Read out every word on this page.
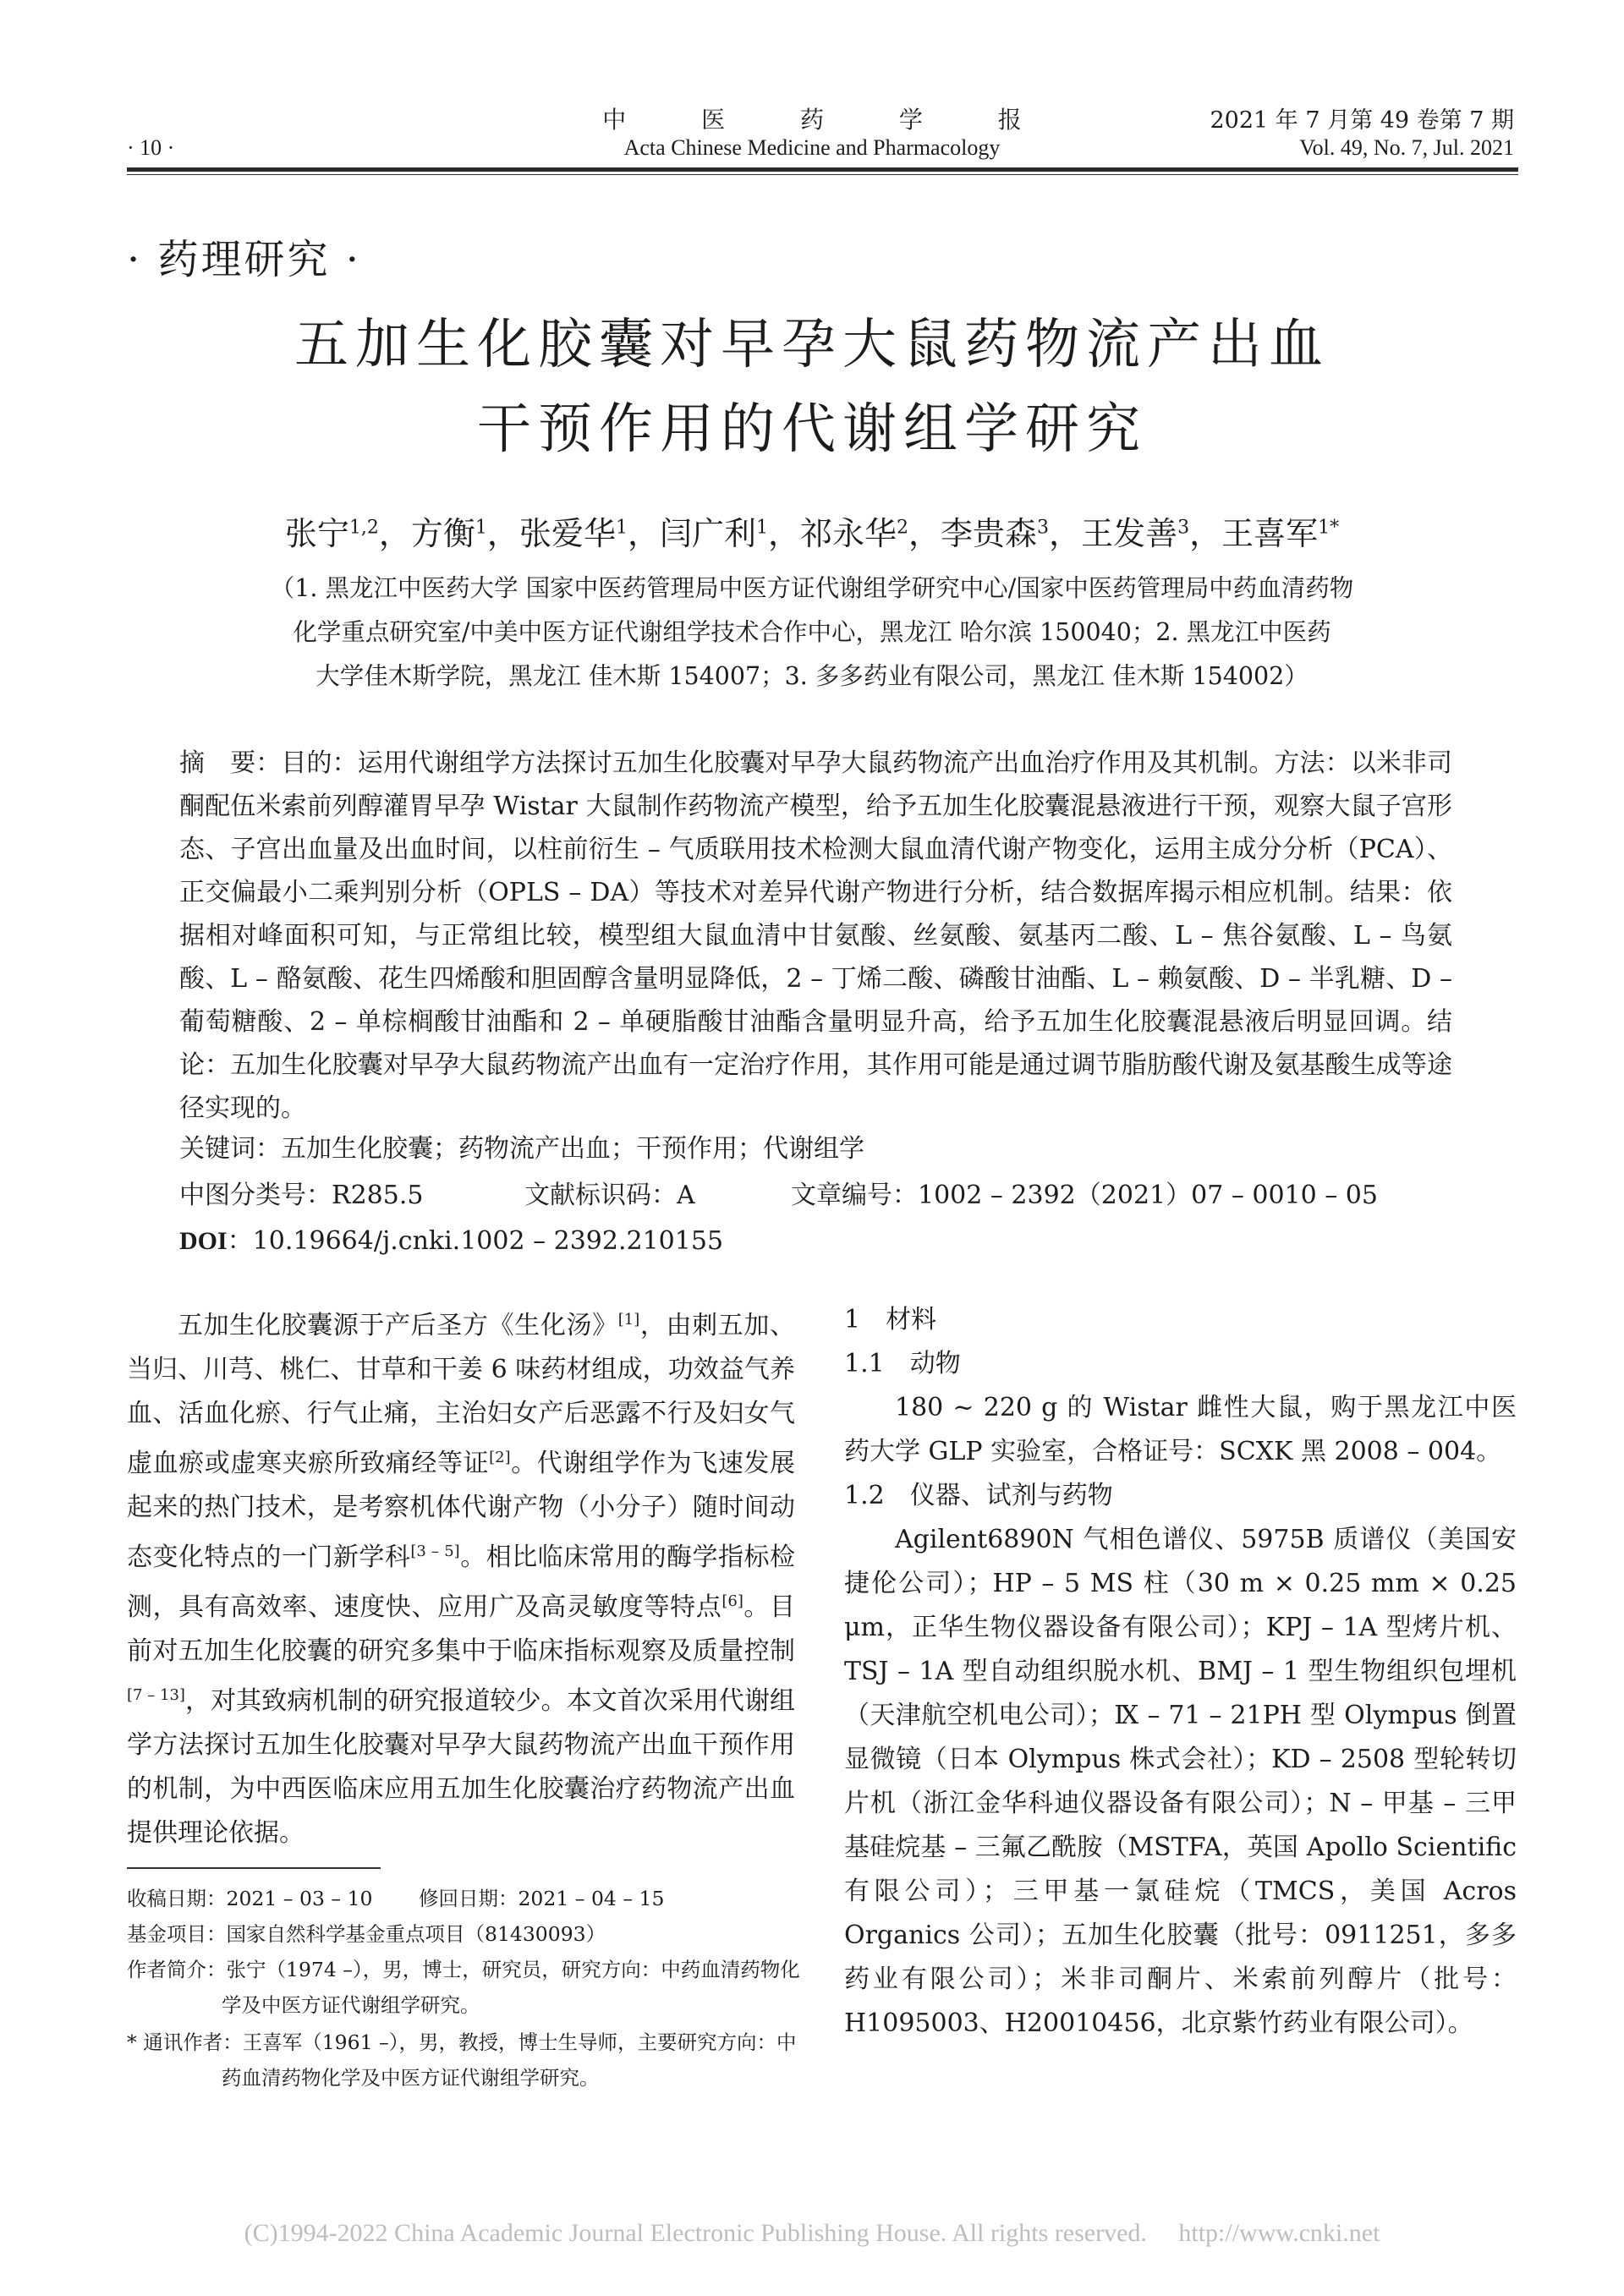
中 医 药 学 报
Acta Chinese Medicine and Pharmacology
· 10 ·
2021 年 7 月第 49 卷第 7 期
Vol. 49, No. 7, Jul. 2021
· 药理研究 ·
五加生化胶囊对早孕大鼠药物流产出血
干预作用的代谢组学研究
张宁$^{1,2}$，方衡$^1$，张爱华$^1$，闫广利$^1$，祁永华$^2$，李贵森$^3$，王发善$^3$，王喜军$^{1*}$
（1. 黑龙江中医药大学 国家中医药管理局中医方证代谢组学研究中心/国家中医药管理局中药血清药物
化学重点研究室/中美中医方证代谢组学技术合作中心，黑龙江 哈尔滨 150040；2. 黑龙江中医药
大学佳木斯学院，黑龙江 佳木斯 154007；3. 多多药业有限公司，黑龙江 佳木斯 154002）
摘　要：目的：运用代谢组学方法探讨五加生化胶囊对早孕大鼠药物流产出血治疗作用及其机制。方法：以米非司酮配伍米索前列醇灌胃早孕 Wistar 大鼠制作药物流产模型，给予五加生化胶囊混悬液进行干预，观察大鼠子宫形态、子宫出血量及出血时间，以柱前衍生 – 气质联用技术检测大鼠血清代谢产物变化，运用主成分分析（PCA）、正交偏最小二乘判别分析（OPLS – DA）等技术对差异代谢产物进行分析，结合数据库揭示相应机制。结果：依据相对峰面积可知，与正常组比较，模型组大鼠血清中甘氨酸、丝氨酸、氨基丙二酸、L – 焦谷氨酸、L – 鸟氨酸、L – 酪氨酸、花生四烯酸和胆固醇含量明显降低，2 – 丁烯二酸、磷酸甘油酯、L – 赖氨酸、D – 半乳糖、D – 葡萄糖酸、2 – 单棕榈酸甘油酯和 2 – 单硬脂酸甘油酯含量明显升高，给予五加生化胶囊混悬液后明显回调。结论：五加生化胶囊对早孕大鼠药物流产出血有一定治疗作用，其作用可能是通过调节脂肪酸代谢及氨基酸生成等途径实现的。
关键词：五加生化胶囊；药物流产出血；干预作用；代谢组学
中图分类号：R285.5	文献标识码：A	文章编号：1002 – 2392（2021）07 – 0010 – 05
DOI：10.19664/j.cnki.1002 – 2392.210155
五加生化胶囊源于产后圣方《生化汤》[1]，由刺五加、当归、川芎、桃仁、甘草和干姜 6 味药材组成，功效益气养血、活血化瘀、行气止痛，主治妇女产后恶露不行及妇女气虚血瘀或虚寒夹瘀所致痛经等证[2]。代谢组学作为飞速发展起来的热门技术，是考察机体代谢产物（小分子）随时间动态变化特点的一门新学科[3 – 5]。相比临床常用的酶学指标检测，具有高效率、速度快、应用广及高灵敏度等特点[6]。目前对五加生化胶囊的研究多集中于临床指标观察及质量控制[7 – 13]，对其致病机制的研究报道较少。本文首次采用代谢组学方法探讨五加生化胶囊对早孕大鼠药物流产出血干预作用的机制，为中西医临床应用五加生化胶囊治疗药物流产出血提供理论依据。
收稿日期：2021 – 03 – 10　　 修回日期：2021 – 04 – 15
基金项目：国家自然科学基金重点项目（81430093）
作者简介：张宁（1974 –），男，博士，研究员，研究方向：中药血清药物化
学及中医方证代谢组学研究。
* 通讯作者：王喜军（1961 –），男，教授，博士生导师，主要研究方向：中
药血清药物化学及中医方证代谢组学研究。
1　材料
1.1　动物
180 ~ 220 g 的 Wistar 雌性大鼠，购于黑龙江中医药大学 GLP 实验室，合格证号：SCXK 黑 2008 – 004。
1.2　仪器、试剂与药物
Agilent6890N 气相色谱仪、5975B 质谱仪（美国安捷伦公司）；HP – 5 MS 柱（30 m × 0.25 mm × 0.25 μm，正华生物仪器设备有限公司）；KPJ – 1A 型烤片机、TSJ – 1A 型自动组织脱水机、BMJ – 1 型生物组织包埋机（天津航空机电公司）；Ⅸ – 71 – 21PH 型 Olympus 倒置显微镜（日本 Olympus 株式会社）；KD – 2508 型轮转切片机（浙江金华科迪仪器设备有限公司）；N – 甲基 – 三甲基硅烷基 – 三氟乙酰胺（MSTFA，英国 Apollo Scientific 有限公司）；三甲基一氯硅烷（TMCS，美国 Acros Organics 公司）；五加生化胶囊（批号：0911251，多多药业有限公司）；米非司酮片、米索前列醇片（批号：H1095003、H20010456，北京紫竹药业有限公司）。
(C)1994-2022 China Academic Journal Electronic Publishing House. All rights reserved.　 http://www.cnki.net
